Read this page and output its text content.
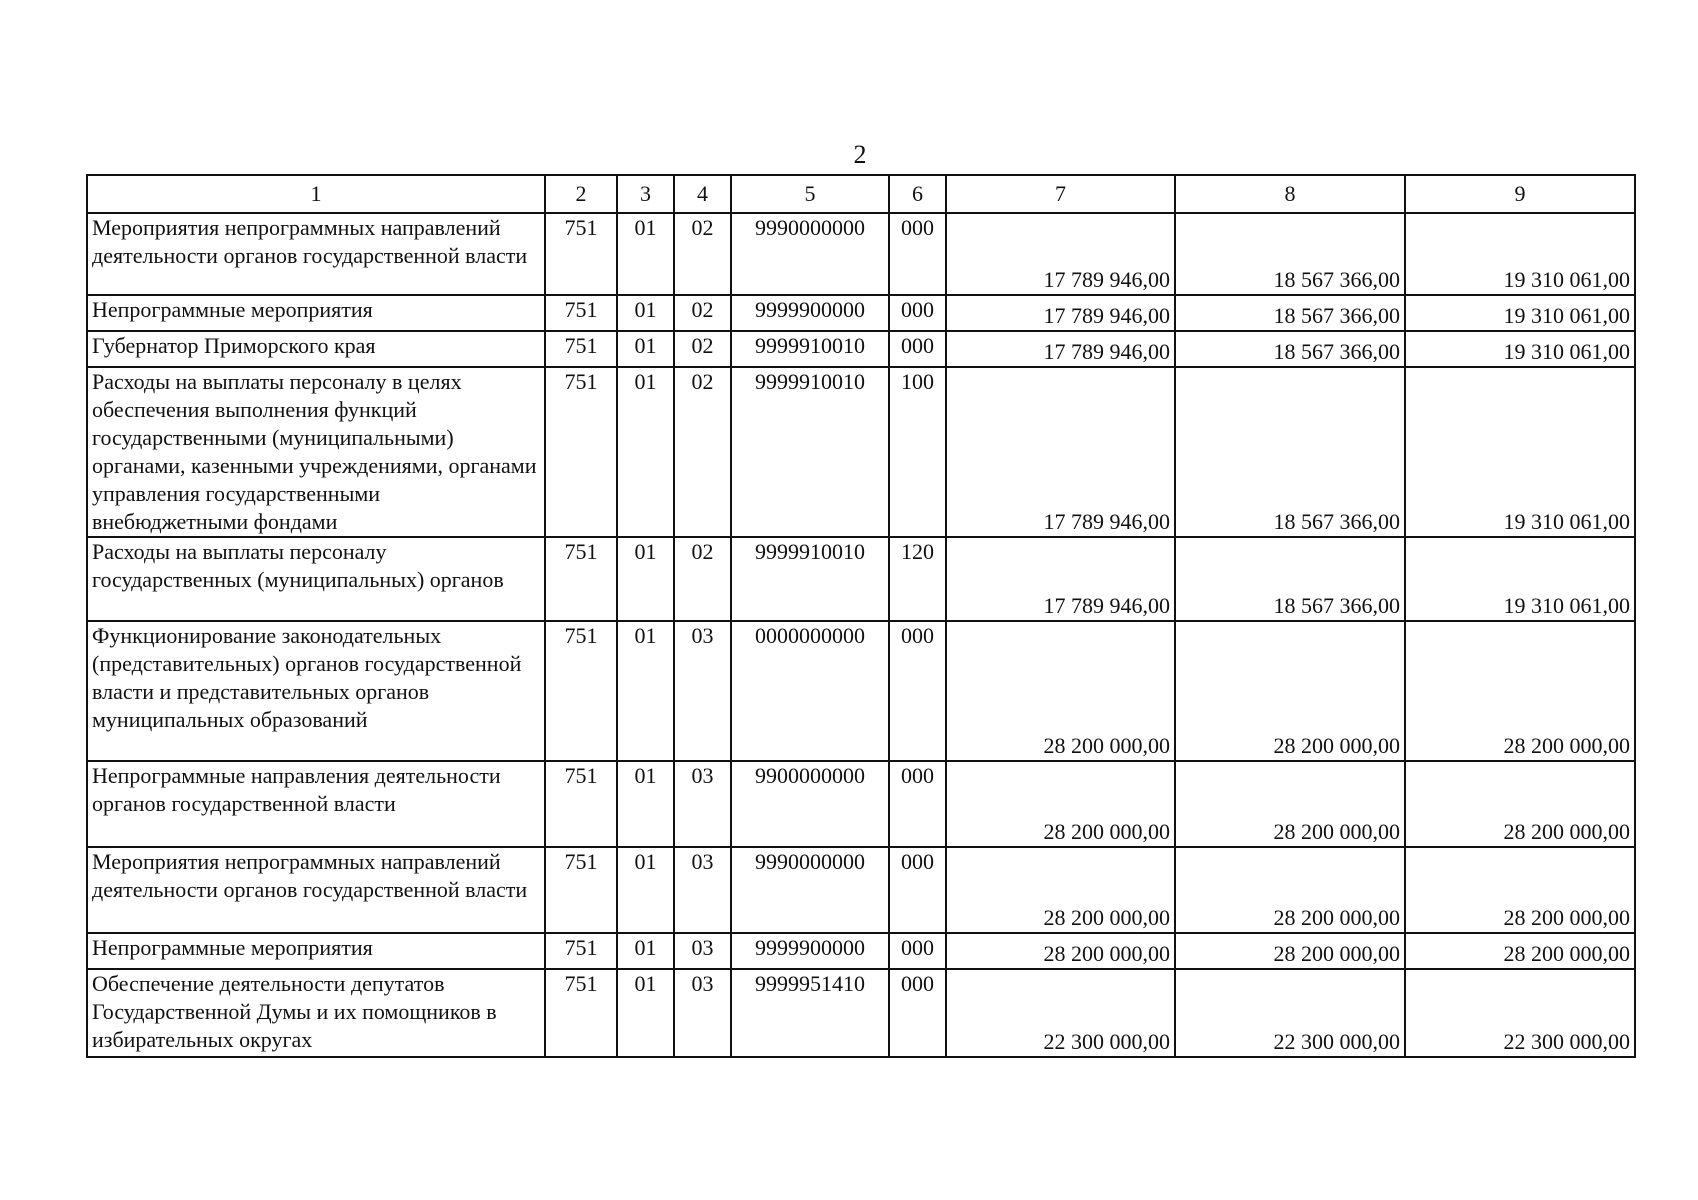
2
1	2	3	4	5	6	7	8	9
Мероприятия непрограммных направлений деятельности органов государственной власти	751	01	02	9990000000	000	17 789 946,00	18 567 366,00	19 310 061,00
Непрограммные мероприятия	751	01	02	9999900000	000	17 789 946,00	18 567 366,00	19 310 061,00
Губернатор Приморского края	751	01	02	9999910010	000	17 789 946,00	18 567 366,00	19 310 061,00
Расходы на выплаты персоналу в целях обеспечения выполнения функций государственными (муниципальными) органами, казенными учреждениями, органами управления государственными внебюджетными фондами	751	01	02	9999910010	100	17 789 946,00	18 567 366,00	19 310 061,00
Расходы на выплаты персоналу государственных (муниципальных) органов	751	01	02	9999910010	120	17 789 946,00	18 567 366,00	19 310 061,00
Функционирование законодательных (представительных) органов государственной власти и представительных органов муниципальных образований	751	01	03	0000000000	000	28 200 000,00	28 200 000,00	28 200 000,00
Непрограммные направления деятельности органов государственной власти	751	01	03	9900000000	000	28 200 000,00	28 200 000,00	28 200 000,00
Мероприятия непрограммных направлений деятельности органов государственной власти	751	01	03	9990000000	000	28 200 000,00	28 200 000,00	28 200 000,00
Непрограммные мероприятия	751	01	03	9999900000	000	28 200 000,00	28 200 000,00	28 200 000,00
Обеспечение деятельности депутатов Государственной Думы и их помощников в избирательных округах	751	01	03	9999951410	000	22 300 000,00	22 300 000,00	22 300 000,00
